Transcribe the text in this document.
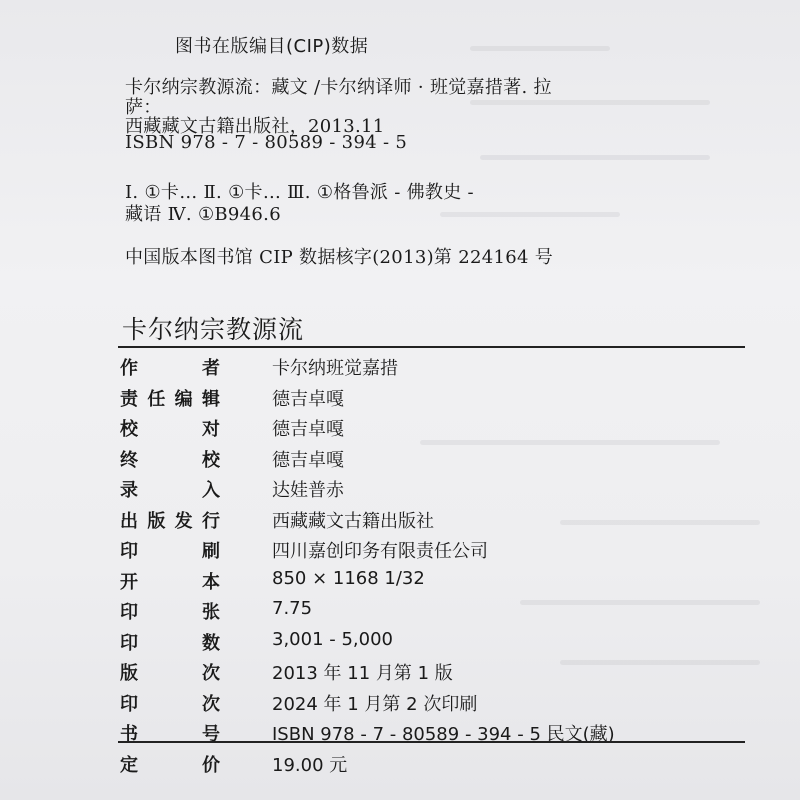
图书在版编目(CIP)数据
卡尔纳宗教源流：藏文 /卡尔纳译师 · 班觉嘉措著. 拉
萨：
西藏藏文古籍出版社，2013.11
ISBN 978 - 7 - 80589 - 394 - 5
Ⅰ. ①卡… Ⅱ. ①卡… Ⅲ. ①格鲁派 - 佛教史 -
藏语 Ⅳ. ①B946.6
中国版本图书馆 CIP 数据核字(2013)第 224164 号
卡尔纳宗教源流
作者	卡尔纳班觉嘉措
责任编辑	德吉卓嘎
校对	德吉卓嘎
终校	德吉卓嘎
录入	达娃普赤
出版发行	西藏藏文古籍出版社
印刷	四川嘉创印务有限责任公司
开本	850 × 1168 1/32
印张	7.75
印数	3,001 - 5,000
版次	2013 年 11 月第 1 版
印次	2024 年 1 月第 2 次印刷
书号	ISBN 978 - 7 - 80589 - 394 - 5 民文(藏)
定价	19.00 元
